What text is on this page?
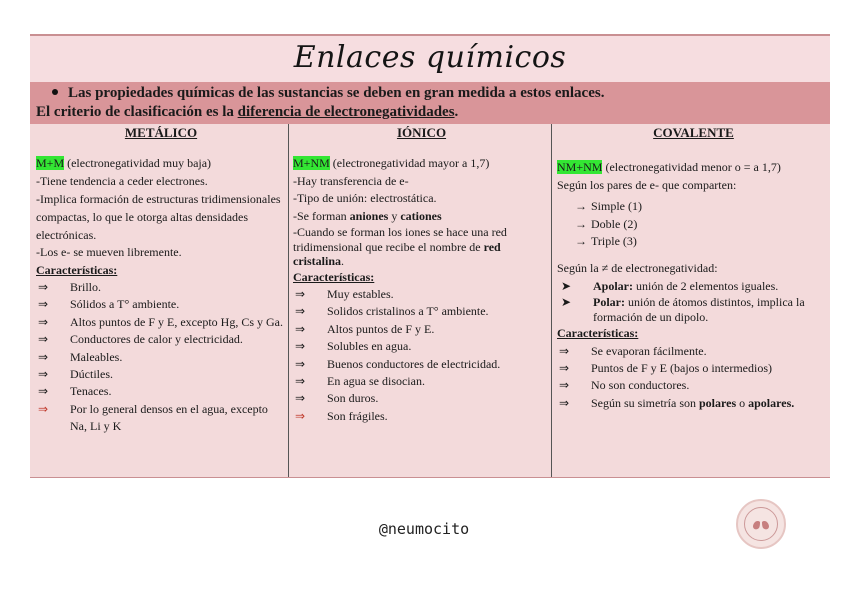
Enlaces químicos
Las propiedades químicas de las sustancias se deben en gran medida a estos enlaces.
El criterio de clasificación es la diferencia de electronegatividades.
METÁLICO
M+M (electronegatividad muy baja)
-Tiene tendencia a ceder electrones.
-Implica formación de estructuras tridimensionales compactas, lo que le otorga altas densidades electrónicas.
-Los e- se mueven libremente.
Características:
⇒ Brillo.
⇒ Sólidos a T° ambiente.
⇒ Altos puntos de F y E, excepto Hg, Cs y Ga.
⇒ Conductores de calor y electricidad.
⇒ Maleables.
⇒ Dúctiles.
⇒ Tenaces.
⇒ Por lo general densos en el agua, excepto Na, Li y K
IÓNICO
M+NM (electronegatividad mayor a 1,7)
-Hay transferencia de e-
-Tipo de unión: electrostática.
-Se forman aniones y cationes
-Cuando se forman los iones se hace una red tridimensional que recibe el nombre de red cristalina.
Características:
⇒ Muy estables.
⇒ Solidos cristalinos a T° ambiente.
⇒ Altos puntos de F y E.
⇒ Solubles en agua.
⇒ Buenos conductores de electricidad.
⇒ En agua se disocian.
⇒ Son duros.
⇒ Son frágiles.
COVALENTE
NM+NM (electronegatividad menor o = a 1,7)
Según los pares de e- que comparten:
→ Simple (1)
→ Doble (2)
→ Triple (3)
Según la ≠ de electronegatividad:
➤ Apolar: unión de 2 elementos iguales.
➤ Polar: unión de átomos distintos, implica la formación de un dipolo.
Características:
⇒ Se evaporan fácilmente.
⇒ Puntos de F y E (bajos o intermedios)
⇒ No son conductores.
⇒ Según su simetría son polares o apolares.
@neumocito
